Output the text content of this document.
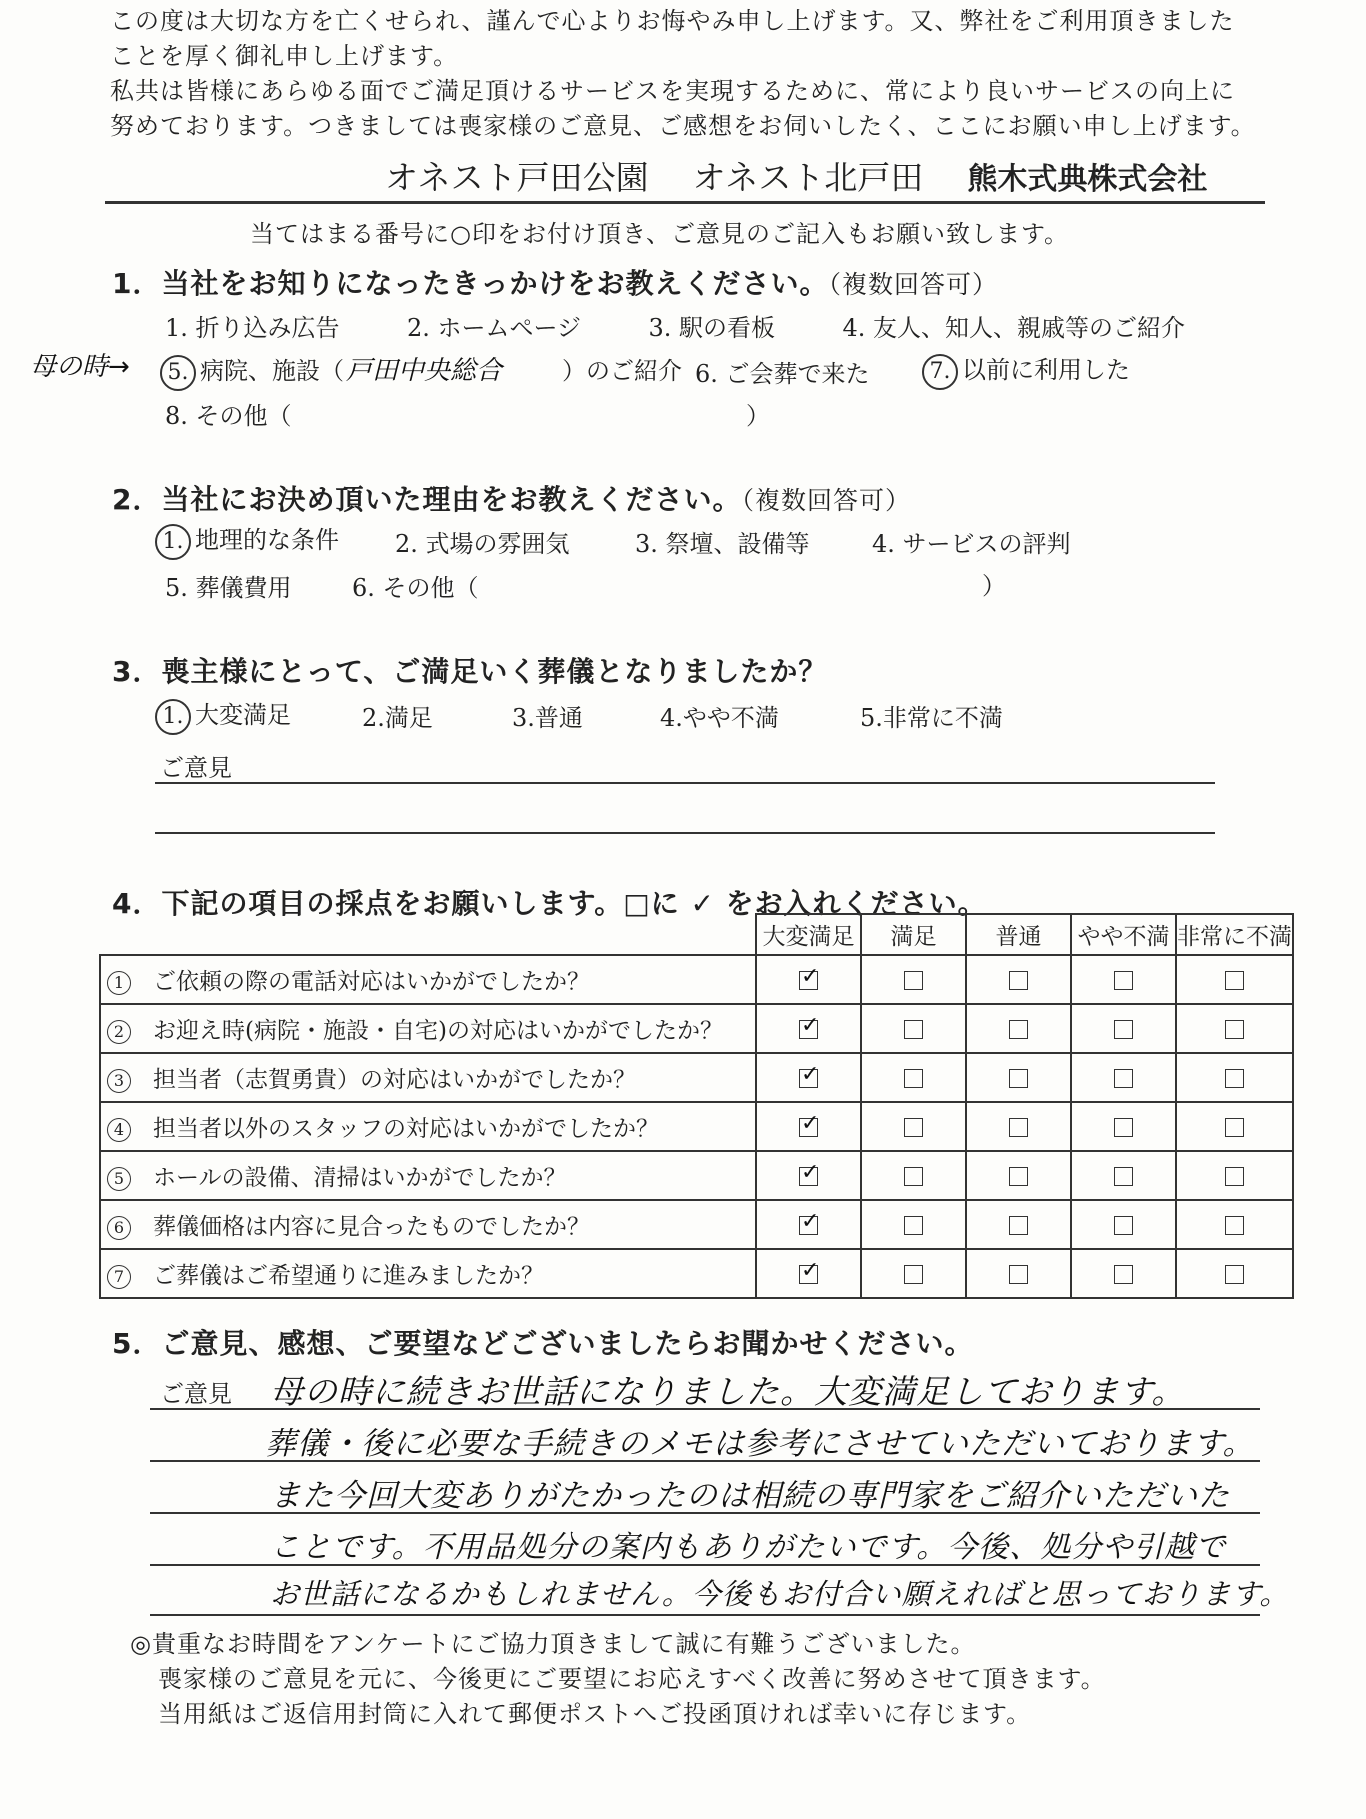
この度は大切な方を亡くせられ、謹んで心よりお悔やみ申し上げます。又、弊社をご利用頂きました

ことを厚く御礼申し上げます。

私共は皆様にあらゆる面でご満足頂けるサービスを実現するために、常により良いサービスの向上に

努めております。つきましては喪家様のご意見、ご感想をお伺いしたく、ここにお願い申し上げます。

オネスト戸田公園 オネスト北戸田 熊木式典株式会社
当てはまる番号に○印をお付け頂き、ご意見のご記入もお願い致します。
1．当社をお知りになったきっかけをお教えください。（複数回答可）
1. 折り込み広告	2. ホームページ	3. 駅の看板	4. 友人、知人、親戚等のご紹介
母の時→	5. 病院、施設（戸田中央総合	）のご紹介 6. ご会葬で来た	7. 以前に利用した
8. その他（	）
2．当社にお決め頂いた理由をお教えください。（複数回答可）
1. 地理的な条件 2. 式場の雰囲気	3. 祭壇、設備等	4. サービスの評判
5. 葬儀費用	6. その他（	）
3．喪主様にとって、ご満足いく葬儀となりましたか？
1. 大変満足	2.満足	3.普通	4.やや不満	5.非常に不満
ご意見
4．下記の項目の採点をお願いします。□に ✓ をお入れください。
	大変満足	満足	普通	やや不満	非常に不満
1 ご依頼の際の電話対応はいかがでしたか？	✓				
2 お迎え時(病院・施設・自宅)の対応はいかがでしたか？	✓				
3 担当者（志賀勇貴）の対応はいかがでしたか？	✓				
4 担当者以外のスタッフの対応はいかがでしたか？	✓				
5 ホールの設備、清掃はいかがでしたか？	✓				
6 葬儀価格は内容に見合ったものでしたか？	✓				
7 ご葬儀はご希望通りに進みましたか？	✓				
5．ご意見、感想、ご要望などございましたらお聞かせください。
ご意見 母の時に続きお世話になりました。大変満足しております。
葬儀・後に必要な手続きのメモは参考にさせていただいております。
また今回大変ありがたかったのは相続の専門家をご紹介いただいた
ことです。不用品処分の案内もありがたいです。今後、処分や引越で
お世話になるかもしれません。今後もお付合い願えればと思っております。

◎貴重なお時間をアンケートにご協力頂きまして誠に有難うございました。

喪家様のご意見を元に、今後更にご要望にお応えすべく改善に努めさせて頂きます。

当用紙はご返信用封筒に入れて郵便ポストへご投函頂ければ幸いに存じます。
